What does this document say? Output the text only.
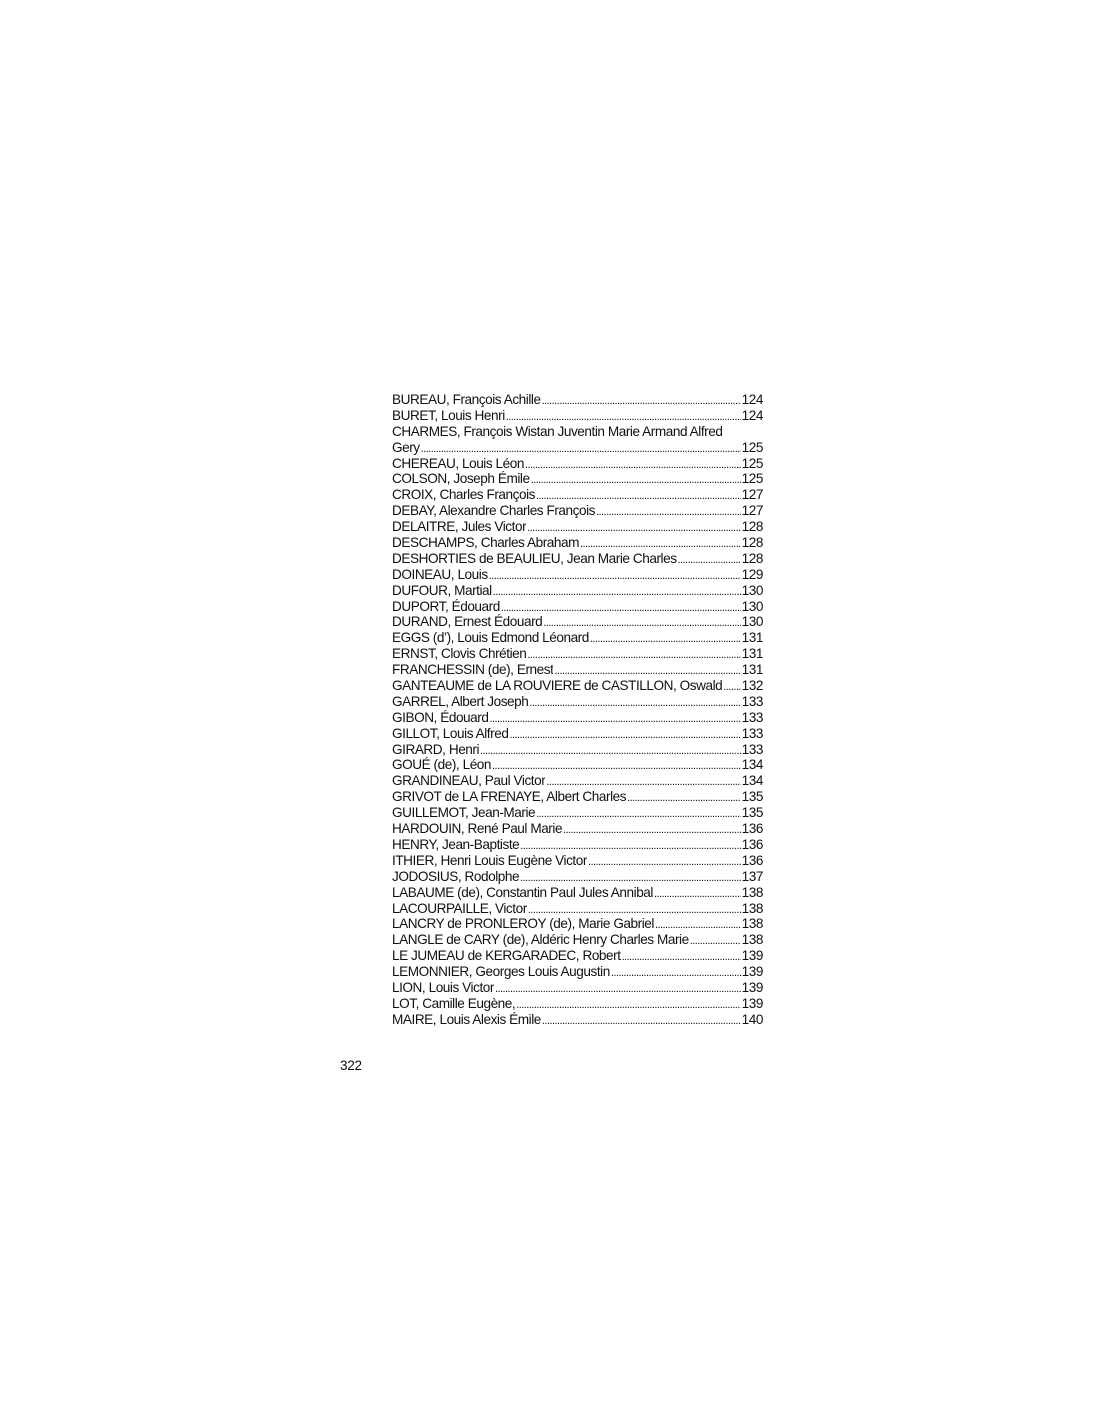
BUREAU, François Achille . . .	124
BURET, Louis Henri . . .	124
CHARMES, François Wistan Juventin Marie Armand Alfred
Gery . . .	125
CHEREAU, Louis Léon . . .	125
COLSON, Joseph Émile . . .	125
CROIX, Charles François . . .	127
DEBAY, Alexandre Charles François . . .	127
DELAITRE, Jules Victor . . .	128
DESCHAMPS, Charles Abraham . . .	128
DESHORTIES de BEAULIEU, Jean Marie Charles . . .	128
DOINEAU, Louis . . .	129
DUFOUR, Martial . . .	130
DUPORT, Édouard . . .	130
DURAND, Ernest Édouard . . .	130
EGGS (d’), Louis Edmond Léonard . . .	131
ERNST, Clovis Chrétien . . .	131
FRANCHESSIN (de), Ernest . . .	131
GANTEAUME de LA ROUVIERE de CASTILLON, Oswald . . . 132
GARREL, Albert Joseph . . .	133
GIBON, Édouard . . .	133
GILLOT, Louis Alfred . . .	133
GIRARD, Henri . . .	133
GOUÉ (de), Léon . . .	134
GRANDINEAU, Paul Victor . . .	134
GRIVOT de LA FRENAYE, Albert Charles . . .	135
GUILLEMOT, Jean-Marie . . .	135
HARDOUIN, René Paul Marie . . .	136
HENRY, Jean-Baptiste . . .	136
ITHIER, Henri Louis Eugène Victor . . .	136
JODOSIUS, Rodolphe . . .	137
LABAUME (de), Constantin Paul Jules Annibal . . .	138
LACOURPAILLE, Victor . . .	138
LANCRY de PRONLEROY (de), Marie Gabriel . . .	138
LANGLE de CARY (de), Aldéric Henry Charles Marie . . .	138
LE JUMEAU de KERGARADEC, Robert . . .	139
LEMONNIER, Georges Louis Augustin . . .	139
LION, Louis Victor . . .	139
LOT, Camille Eugène, . . .	139
MAIRE, Louis Alexis Émile . . .	140
322
